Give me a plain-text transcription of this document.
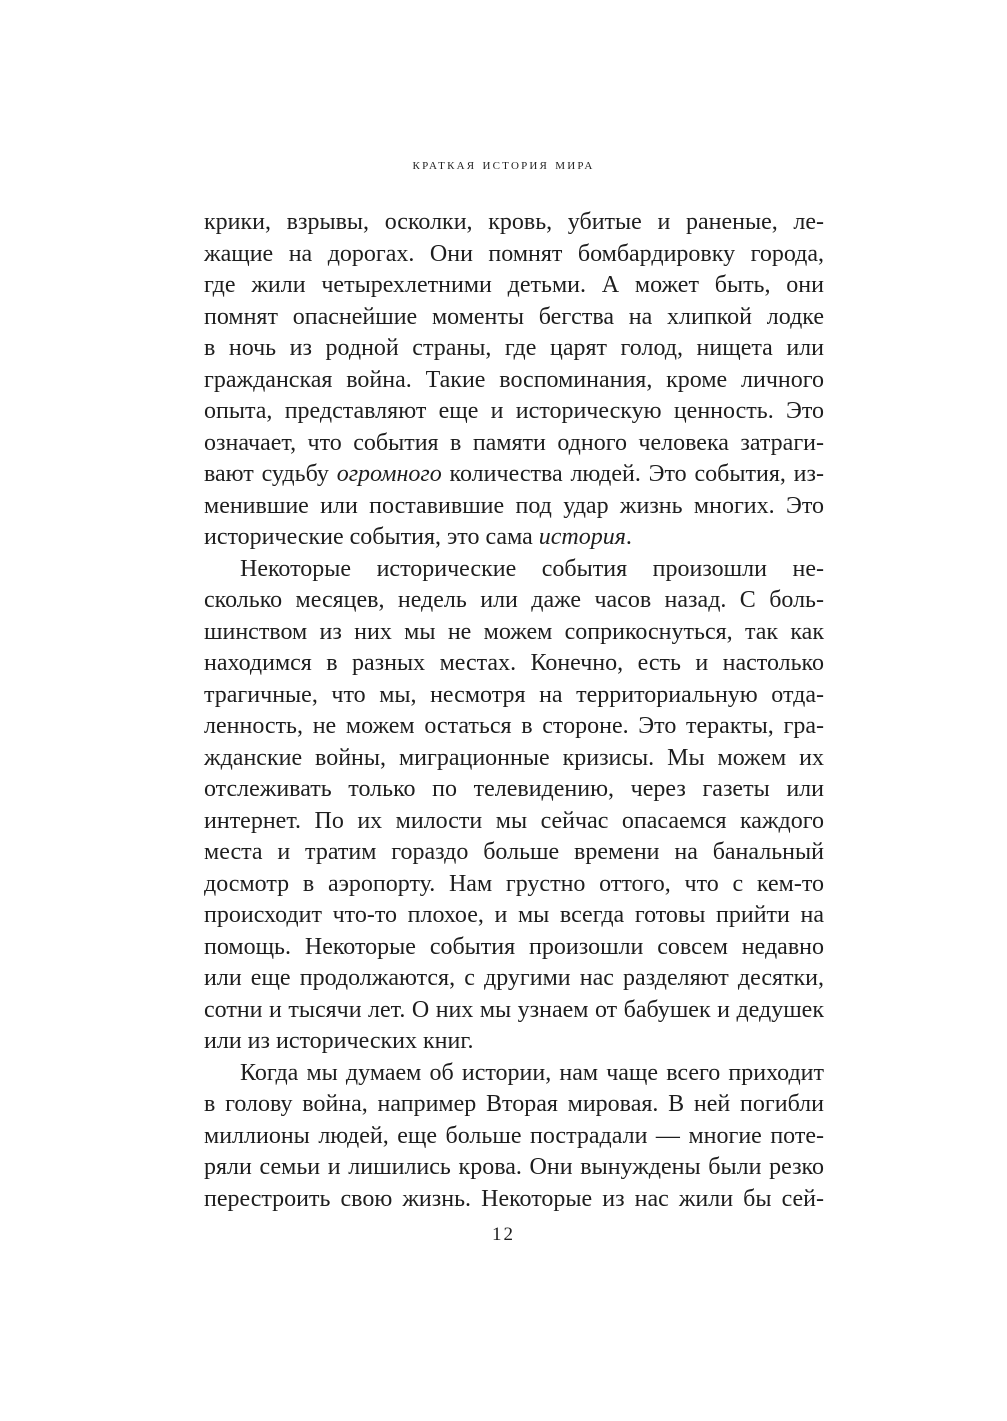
краткая история мира
крики, взрывы, осколки, кровь, убитые и раненые, ле-
жащие на дорогах. Они помнят бомбардировку города,
где жили четырехлетними детьми. А может быть, они
помнят опаснейшие моменты бегства на хлипкой лодке
в ночь из родной страны, где царят голод, нищета или
гражданская война. Такие воспоминания, кроме личного
опыта, представляют еще и историческую ценность. Это
означает, что события в памяти одного человека затраги-
вают судьбу огромного количества людей. Это события, из-
менившие или поставившие под удар жизнь многих. Это
исторические события, это сама история.
Некоторые исторические события произошли не-
сколько месяцев, недель или даже часов назад. С боль-
шинством из них мы не можем соприкоснуться, так как
находимся в разных местах. Конечно, есть и настолько
трагичные, что мы, несмотря на территориальную отда-
ленность, не можем остаться в стороне. Это теракты, гра-
жданские войны, миграционные кризисы. Мы можем их
отслеживать только по телевидению, через газеты или
интернет. По их милости мы сейчас опасаемся каждого
места и тратим гораздо больше времени на банальный
досмотр в аэропорту. Нам грустно оттого, что с кем-то
происходит что-то плохое, и мы всегда готовы прийти на
помощь. Некоторые события произошли совсем недавно
или еще продолжаются, с другими нас разделяют десятки,
сотни и тысячи лет. О них мы узнаем от бабушек и дедушек
или из исторических книг.
Когда мы думаем об истории, нам чаще всего приходит
в голову война, например Вторая мировая. В ней погибли
миллионы людей, еще больше пострадали — многие поте-
ряли семьи и лишились крова. Они вынуждены были резко
перестроить свою жизнь. Некоторые из нас жили бы сей-
12
